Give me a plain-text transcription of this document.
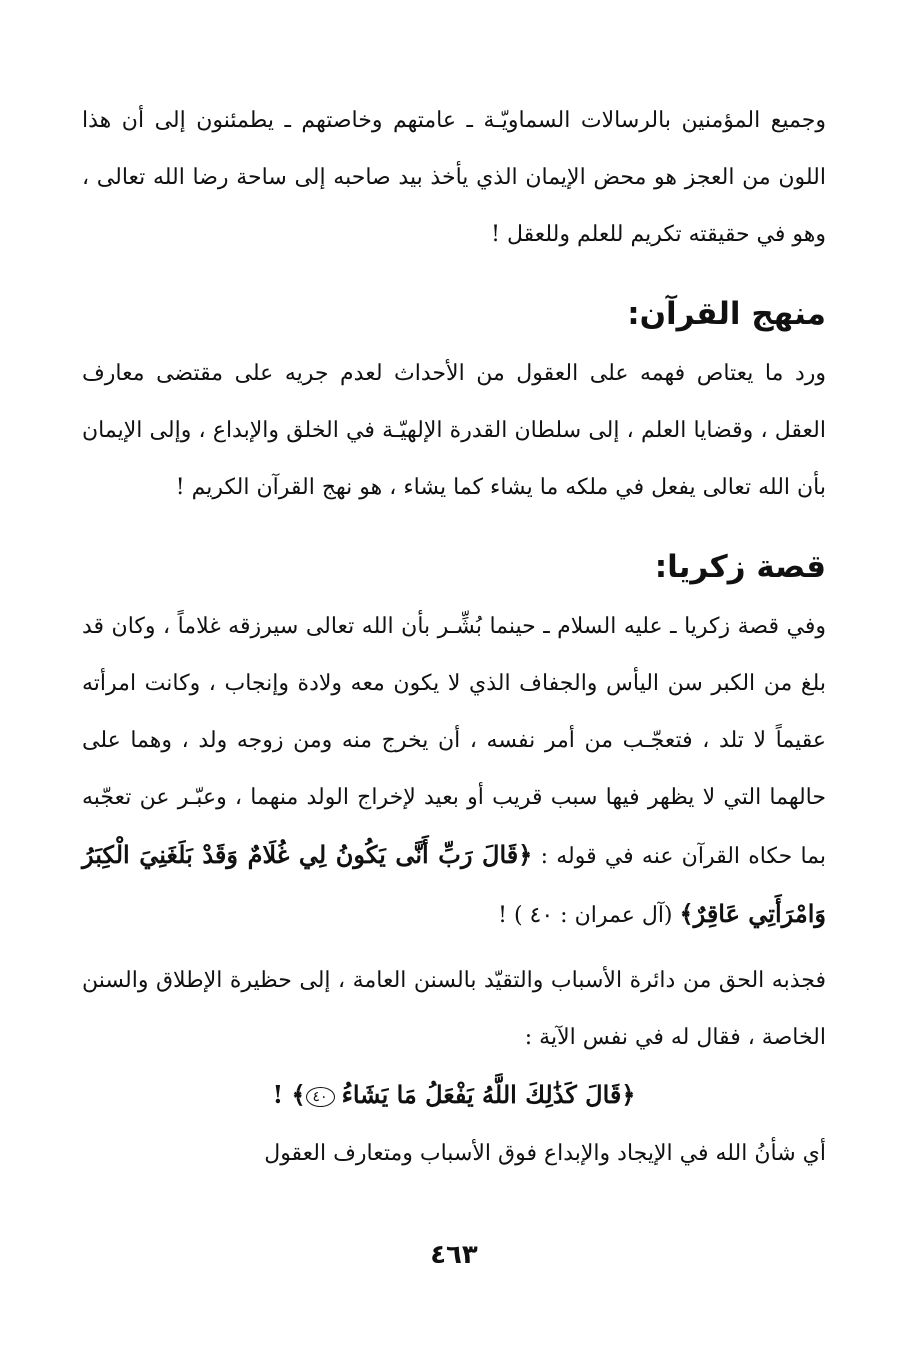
وجميع المؤمنين بالرسالات السماويّـة ـ عامتهم وخاصتهم ـ يطمئنون إلى أن هذا اللون من العجز هو محض الإيمان الذي يأخذ بيد صاحبه إلى ساحة رضا الله تعالى ، وهو في حقيقته تكريم للعلم وللعقل !

منهج القرآن:

ورد ما يعتاص فهمه على العقول من الأحداث لعدم جريه على مقتضى معارف العقل ، وقضايا العلم ، إلى سلطان القدرة الإلهيّـة في الخلق والإبداع ، وإلى الإيمان بأن الله تعالى يفعل في ملكه ما يشاء كما يشاء ، هو نهج القرآن الكريم !

قصة زكريا:

وفي قصة زكريا ـ عليه السلام ـ حينما بُشِّـر بأن الله تعالى سيرزقه غلاماً ، وكان قد بلغ من الكبر سن اليأس والجفاف الذي لا يكون معه ولادة وإنجاب ، وكانت امرأته عقيماً لا تلد ، فتعجّـب من أمر نفسه ، أن يخرج منه ومن زوجه ولد ، وهما على حالهما التي لا يظهر فيها سبب قريب أو بعيد لإخراج الولد منهما ، وعبّـر عن تعجّبه بما حكاه القرآن عنه في قوله : ﴿قَالَ رَبِّ أَنَّى يَكُونُ لِي غُلَامٌ وَقَدْ بَلَغَنِيَ الْكِبَرُ وَامْرَأَتِي عَاقِرٌ﴾ (آل عمران : ٤٠ ) !

فجذبه الحق من دائرة الأسباب والتقيّد بالسنن العامة ، إلى حظيرة الإطلاق والسنن الخاصة ، فقال له في نفس الآية :

﴿قَالَ كَذَٰلِكَ اللَّهُ يَفْعَلُ مَا يَشَاءُ ٤٠﴾ !

أي شأنُ الله في الإيجاد والإبداع فوق الأسباب ومتعارف العقول

٤٦٣
